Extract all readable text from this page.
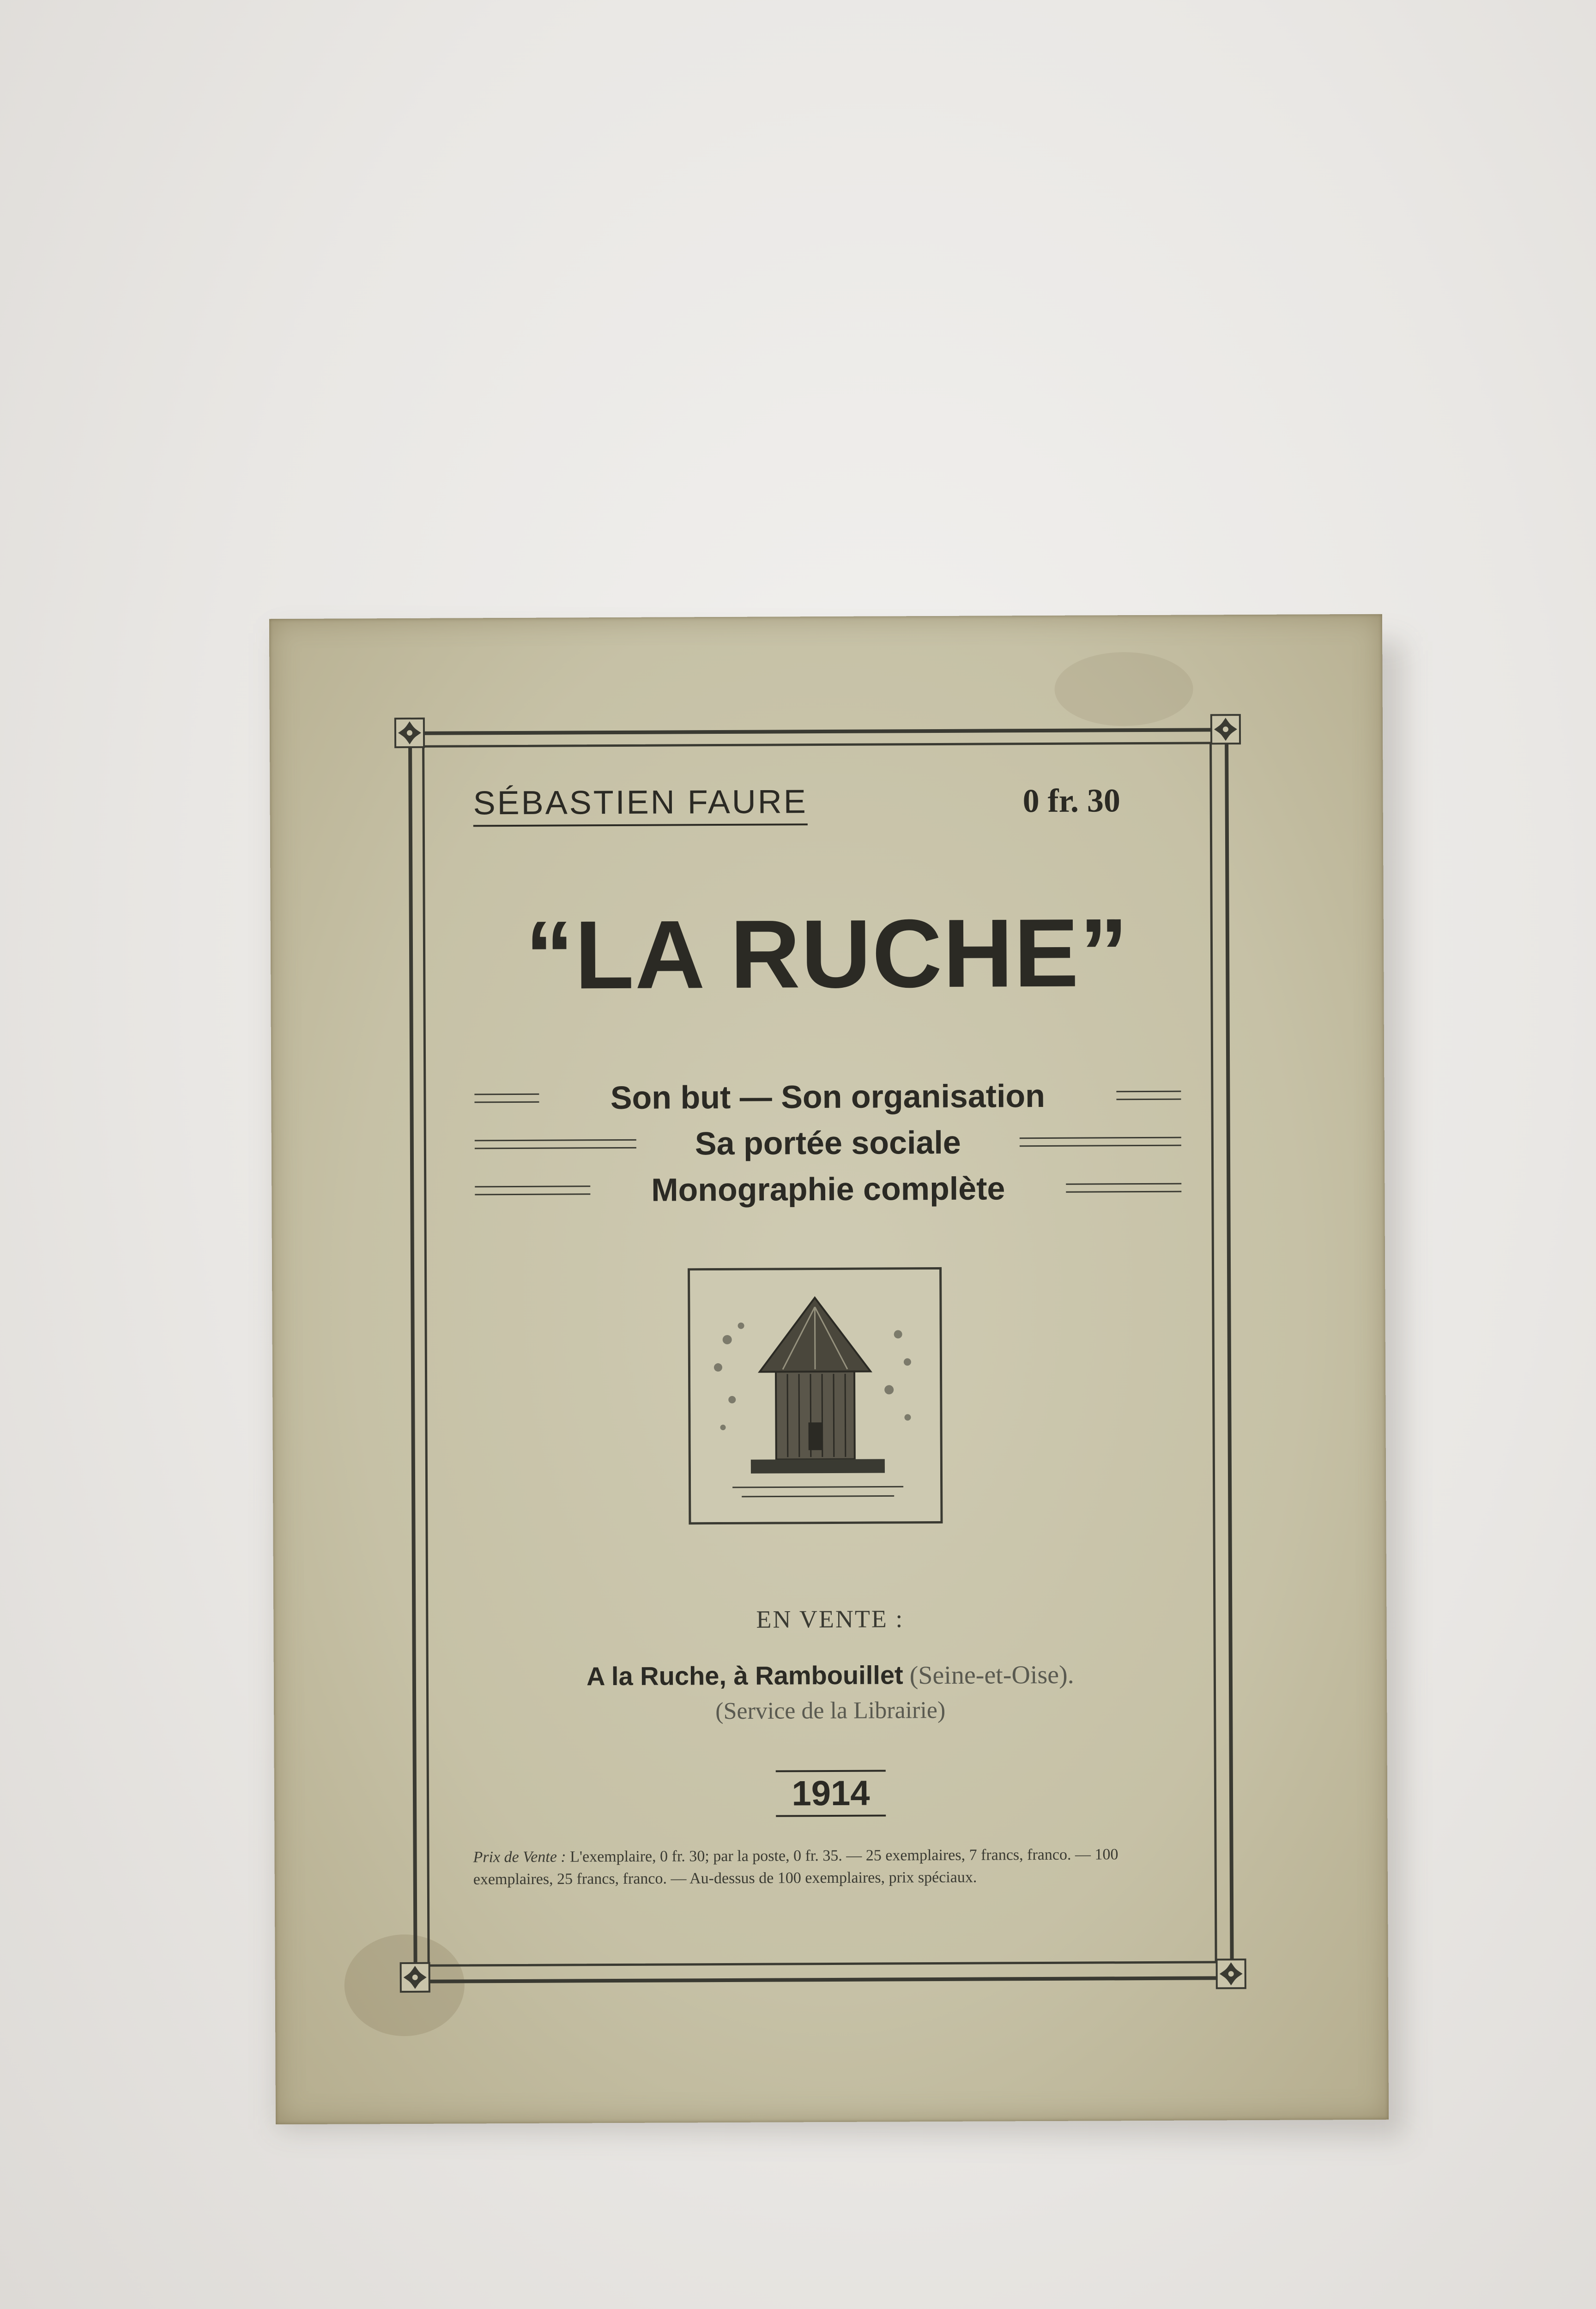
SÉBASTIEN FAURE	0 fr. 30
“LA RUCHE”
Son but — Son organisation
Sa portée sociale
Monographie complète
EN VENTE :
A la Ruche, à Rambouillet (Seine-et-Oise).
(Service de la Librairie)
1914
Prix de Vente : L'exemplaire, 0 fr. 30; par la poste, 0 fr. 35. — 25 exemplaires, 7 francs, franco. — 100 exemplaires, 25 francs, franco. — Au-dessus de 100 exemplaires, prix spéciaux.
